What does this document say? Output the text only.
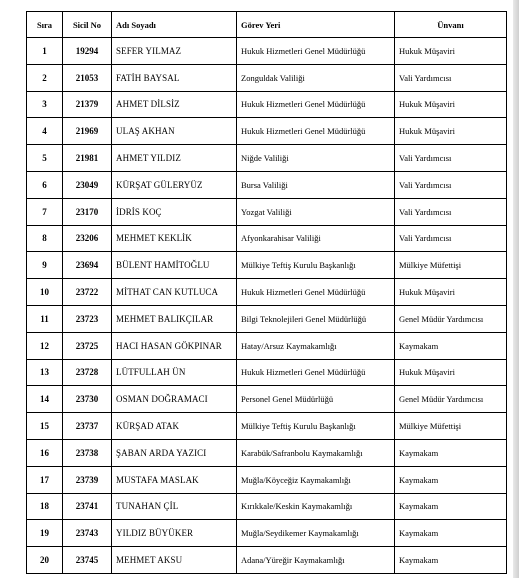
Sıra	Sicil No	Adı Soyadı	Görev Yeri	Ünvanı
1	19294	SEFER YILMAZ	Hukuk Hizmetleri Genel Müdürlüğü	Hukuk Müşaviri
2	21053	FATİH BAYSAL	Zonguldak Valiliği	Vali Yardımcısı
3	21379	AHMET DİLSİZ	Hukuk Hizmetleri Genel Müdürlüğü	Hukuk Müşaviri
4	21969	ULAŞ AKHAN	Hukuk Hizmetleri Genel Müdürlüğü	Hukuk Müşaviri
5	21981	AHMET YILDIZ	Niğde Valiliği	Vali Yardımcısı
6	23049	KÜRŞAT GÜLERYÜZ	Bursa Valiliği	Vali Yardımcısı
7	23170	İDRİS KOÇ	Yozgat Valiliği	Vali Yardımcısı
8	23206	MEHMET KEKLİK	Afyonkarahisar Valiliği	Vali Yardımcısı
9	23694	BÜLENT HAMİTOĞLU	Mülkiye Teftiş Kurulu Başkanlığı	Mülkiye Müfettişi
10	23722	MİTHAT CAN KUTLUCA	Hukuk Hizmetleri Genel Müdürlüğü	Hukuk Müşaviri
11	23723	MEHMET BALIKÇILAR	Bilgi Teknolejileri Genel Müdürlüğü	Genel Müdür Yardımcısı
12	23725	HACI HASAN GÖKPINAR	Hatay/Arsuz Kaymakamlığı	Kaymakam
13	23728	LÜTFULLAH ÜN	Hukuk Hizmetleri Genel Müdürlüğü	Hukuk Müşaviri
14	23730	OSMAN DOĞRAMACI	Personel Genel Müdürlüğü	Genel Müdür Yardımcısı
15	23737	KÜRŞAD ATAK	Mülkiye Teftiş Kurulu Başkanlığı	Mülkiye Müfettişi
16	23738	ŞABAN ARDA YAZICI	Karabük/Safranbolu Kaymakamlığı	Kaymakam
17	23739	MUSTAFA MASLAK	Muğla/Köyceğiz Kaymakamlığı	Kaymakam
18	23741	TUNAHAN ÇİL	Kırıkkale/Keskin Kaymakamlığı	Kaymakam
19	23743	YILDIZ BÜYÜKER	Muğla/Seydikemer Kaymakamlığı	Kaymakam
20	23745	MEHMET AKSU	Adana/Yüreğir Kaymakamlığı	Kaymakam
